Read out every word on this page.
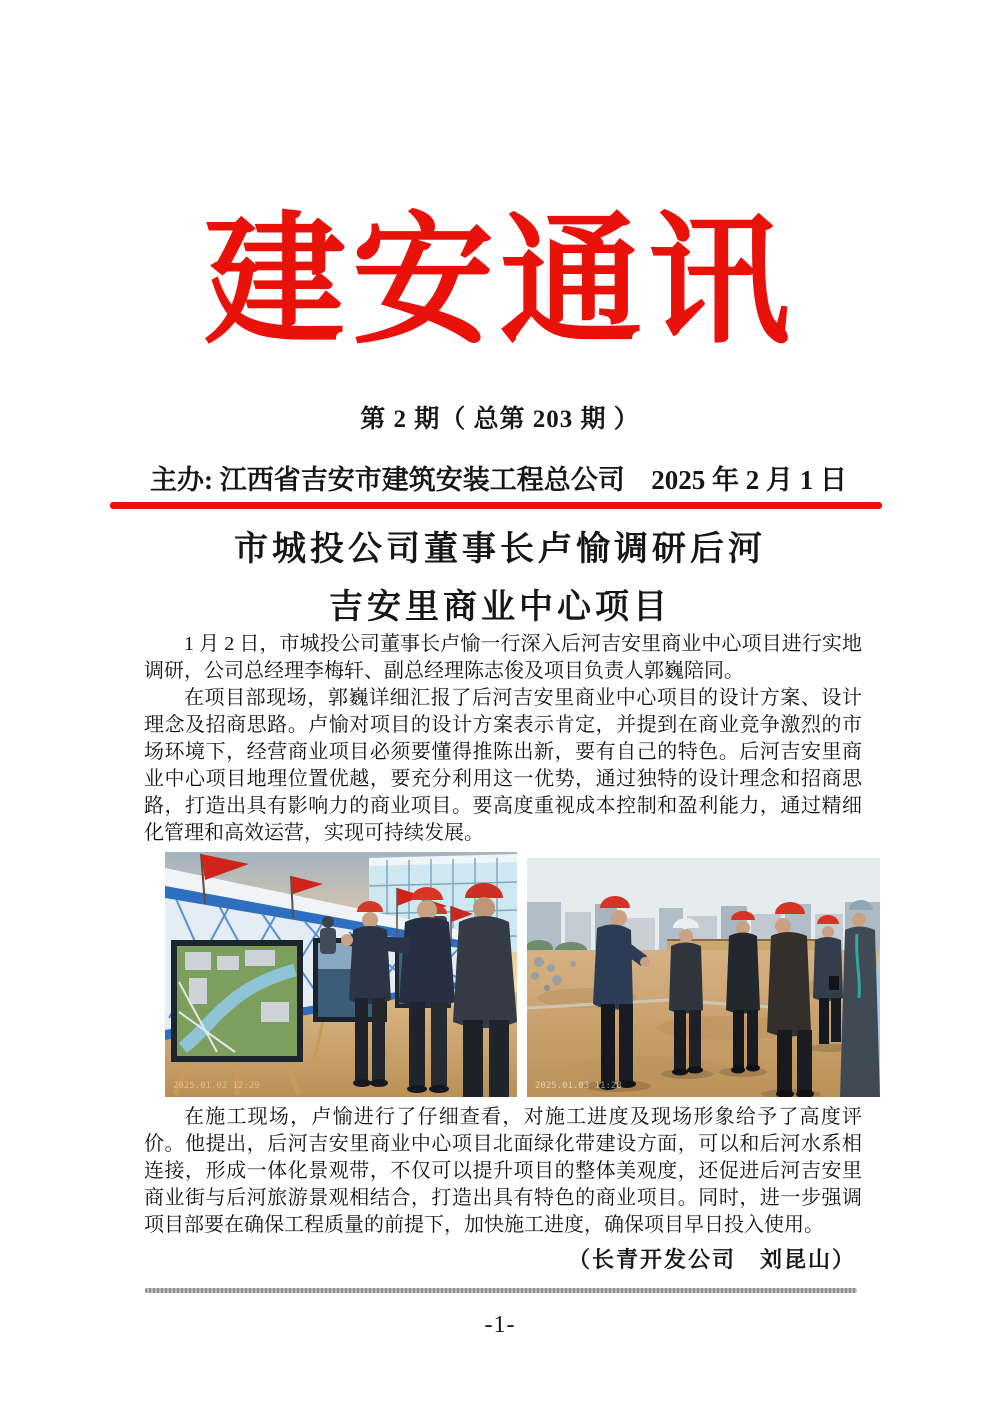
建安通讯
第 2 期（ 总第 203 期 ）
主办: 江西省吉安市建筑安装工程总公司 2025 年 2 月 1 日
市城投公司董事长卢愉调研后河
吉安里商业中心项目

1 月 2 日，市城投公司董事长卢愉一行深入后河吉安里商业中心项目进行实地调研，公司总经理李梅轩、副总经理陈志俊及项目负责人郭巍陪同。

在项目部现场，郭巍详细汇报了后河吉安里商业中心项目的设计方案、设计理念及招商思路。卢愉对项目的设计方案表示肯定，并提到在商业竞争激烈的市场环境下，经营商业项目必须要懂得推陈出新，要有自己的特色。后河吉安里商业中心项目地理位置优越，要充分利用这一优势，通过独特的设计理念和招商思路，打造出具有影响力的商业项目。要高度重视成本控制和盈利能力，通过精细化管理和高效运营，实现可持续发展。

2025.01.02 12:29	2025.01.03 11:28

在施工现场，卢愉进行了仔细查看，对施工进度及现场形象给予了高度评价。他提出，后河吉安里商业中心项目北面绿化带建设方面，可以和后河水系相连接，形成一体化景观带，不仅可以提升项目的整体美观度，还促进后河吉安里商业街与后河旅游景观相结合，打造出具有特色的商业项目。同时，进一步强调项目部要在确保工程质量的前提下，加快施工进度，确保项目早日投入使用。

（长青开发公司　刘昆山）
-1-
